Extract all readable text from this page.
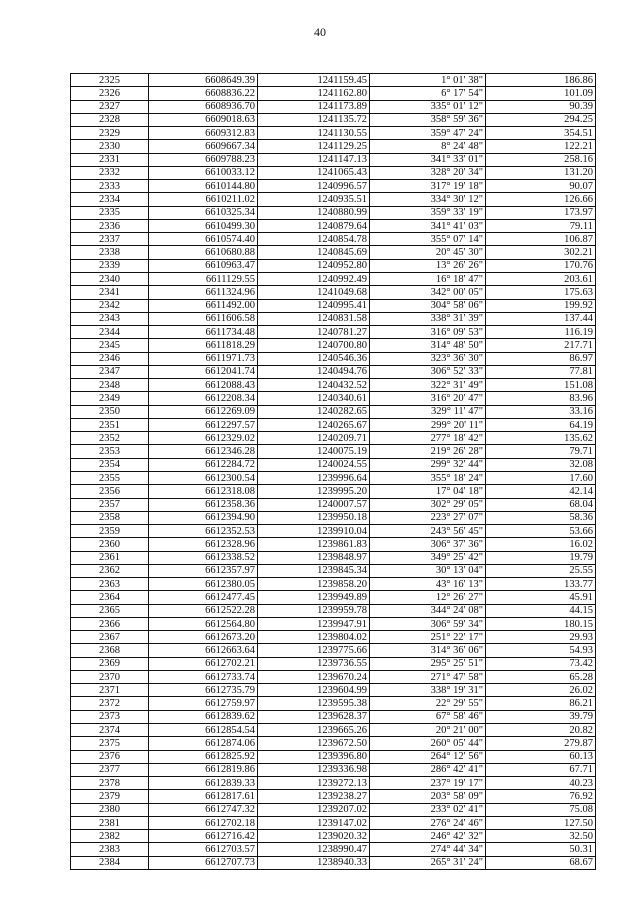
40
2325	6608649.39	1241159.45	1° 01' 38"	186.86
2326	6608836.22	1241162.80	6° 17' 54"	101.09
2327	6608936.70	1241173.89	335° 01' 12"	90.39
2328	6609018.63	1241135.72	358° 59' 36"	294.25
2329	6609312.83	1241130.55	359° 47' 24"	354.51
2330	6609667.34	1241129.25	8° 24' 48"	122.21
2331	6609788.23	1241147.13	341° 33' 01"	258.16
2332	6610033.12	1241065.43	328° 20' 34"	131.20
2333	6610144.80	1240996.57	317° 19' 18"	90.07
2334	6610211.02	1240935.51	334° 30' 12"	126.66
2335	6610325.34	1240880.99	359° 33' 19"	173.97
2336	6610499.30	1240879.64	341° 41' 03"	79.11
2337	6610574.40	1240854.78	355° 07' 14"	106.87
2338	6610680.88	1240845.69	20° 45' 30"	302.21
2339	6610963.47	1240952.80	13° 26' 26"	170.76
2340	6611129.55	1240992.49	16° 18' 47"	203.61
2341	6611324.96	1241049.68	342° 00' 05"	175.63
2342	6611492.00	1240995.41	304° 58' 06"	199.92
2343	6611606.58	1240831.58	338° 31' 39"	137.44
2344	6611734.48	1240781.27	316° 09' 53"	116.19
2345	6611818.29	1240700.80	314° 48' 50"	217.71
2346	6611971.73	1240546.36	323° 36' 30"	86.97
2347	6612041.74	1240494.76	306° 52' 33"	77.81
2348	6612088.43	1240432.52	322° 31' 49"	151.08
2349	6612208.34	1240340.61	316° 20' 47"	83.96
2350	6612269.09	1240282.65	329° 11' 47"	33.16
2351	6612297.57	1240265.67	299° 20' 11"	64.19
2352	6612329.02	1240209.71	277° 18' 42"	135.62
2353	6612346.28	1240075.19	219° 26' 28"	79.71
2354	6612284.72	1240024.55	299° 32' 44"	32.08
2355	6612300.54	1239996.64	355° 18' 24"	17.60
2356	6612318.08	1239995.20	17° 04' 18"	42.14
2357	6612358.36	1240007.57	302° 29' 05"	68.04
2358	6612394.90	1239950.18	223° 27' 07"	58.36
2359	6612352.53	1239910.04	243° 56' 45"	53.66
2360	6612328.96	1239861.83	306° 37' 36"	16.02
2361	6612338.52	1239848.97	349° 25' 42"	19.79
2362	6612357.97	1239845.34	30° 13' 04"	25.55
2363	6612380.05	1239858.20	43° 16' 13"	133.77
2364	6612477.45	1239949.89	12° 26' 27"	45.91
2365	6612522.28	1239959.78	344° 24' 08"	44.15
2366	6612564.80	1239947.91	306° 59' 34"	180.15
2367	6612673.20	1239804.02	251° 22' 17"	29.93
2368	6612663.64	1239775.66	314° 36' 06"	54.93
2369	6612702.21	1239736.55	295° 25' 51"	73.42
2370	6612733.74	1239670.24	271° 47' 58"	65.28
2371	6612735.79	1239604.99	338° 19' 31"	26.02
2372	6612759.97	1239595.38	22° 29' 55"	86.21
2373	6612839.62	1239628.37	67° 58' 46"	39.79
2374	6612854.54	1239665.26	20° 21' 00"	20.82
2375	6612874.06	1239672.50	260° 05' 44"	279.87
2376	6612825.92	1239396.80	264° 12' 56"	60.13
2377	6612819.86	1239336.98	286° 42' 41"	67.71
2378	6612839.33	1239272.13	237° 19' 17"	40.23
2379	6612817.61	1239238.27	203° 58' 09"	76.92
2380	6612747.32	1239207.02	233° 02' 41"	75.08
2381	6612702.18	1239147.02	276° 24' 46"	127.50
2382	6612716.42	1239020.32	246° 42' 32"	32.50
2383	6612703.57	1238990.47	274° 44' 34"	50.31
2384	6612707.73	1238940.33	265° 31' 24"	68.67
